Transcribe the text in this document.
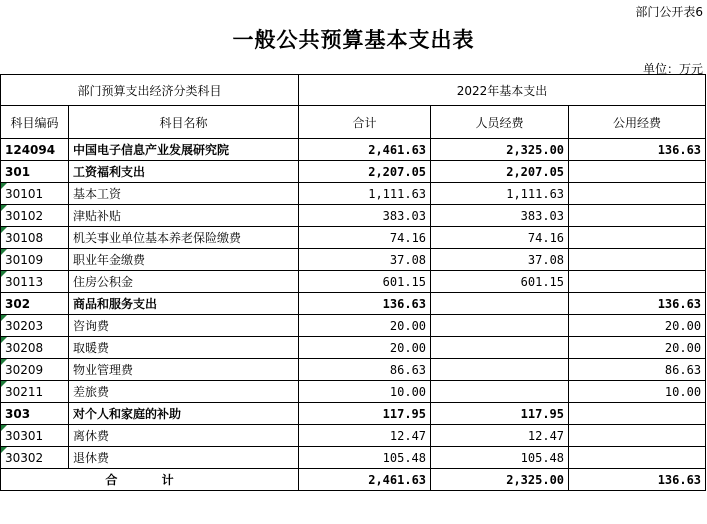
部门公开表6
一般公共预算基本支出表
单位：万元
部门预算支出经济分类科目		2022年基本支出		
科目编码	科目名称	合计	人员经费	公用经费
124094	中国电子信息产业发展研究院	2,461.63	2,325.00	136.63
301	工资福利支出	2,207.05	2,207.05	
30101	基本工资	1,111.63	1,111.63	
30102	津贴补贴	383.03	383.03	
30108	机关事业单位基本养老保险缴费	74.16	74.16	
30109	职业年金缴费	37.08	37.08	
30113	住房公积金	601.15	601.15	
302	商品和服务支出	136.63		136.63
30203	咨询费	20.00		20.00
30208	取暖费	20.00		20.00
30209	物业管理费	86.63		86.63
30211	差旅费	10.00		10.00
303	对个人和家庭的补助	117.95	117.95	
30301	离休费	12.47	12.47	
30302	退休费	105.48	105.48	
合 计		2,461.63	2,325.00	136.63
